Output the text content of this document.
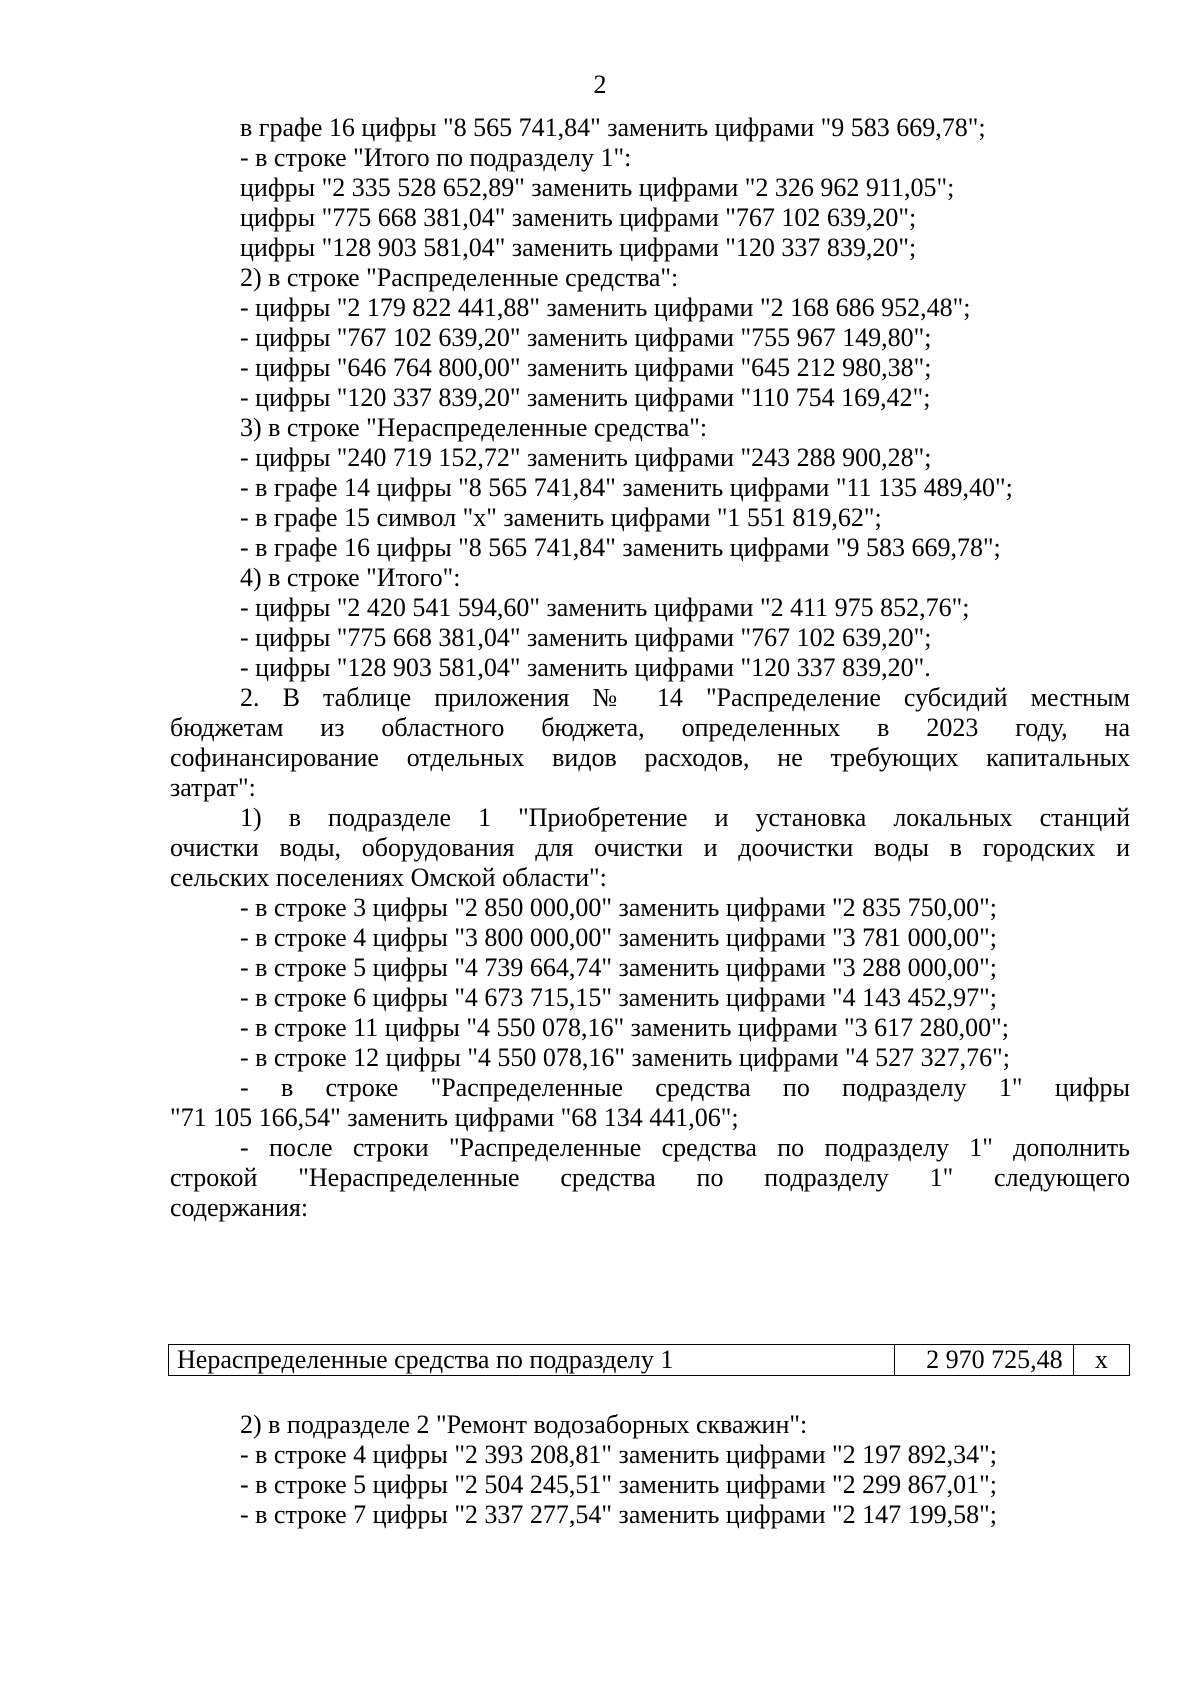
2
в графе 16 цифры "8 565 741,84" заменить цифрами "9 583 669,78";
- в строке "Итого по подразделу 1":
цифры "2 335 528 652,89" заменить цифрами "2 326 962 911,05";
цифры "775 668 381,04" заменить цифрами "767 102 639,20";
цифры "128 903 581,04" заменить цифрами "120 337 839,20";
2) в строке "Распределенные средства":
- цифры "2 179 822 441,88" заменить цифрами "2 168 686 952,48";
- цифры "767 102 639,20" заменить цифрами "755 967 149,80";
- цифры "646 764 800,00" заменить цифрами "645 212 980,38";
- цифры "120 337 839,20" заменить цифрами "110 754 169,42";
3) в строке "Нераспределенные средства":
- цифры "240 719 152,72" заменить цифрами "243 288 900,28";
- в графе 14 цифры "8 565 741,84" заменить цифрами "11 135 489,40";
- в графе 15 символ "х" заменить цифрами "1 551 819,62";
- в графе 16 цифры "8 565 741,84" заменить цифрами "9 583 669,78";
4) в строке "Итого":
- цифры "2 420 541 594,60" заменить цифрами "2 411 975 852,76";
- цифры "775 668 381,04" заменить цифрами "767 102 639,20";
- цифры "128 903 581,04" заменить цифрами "120 337 839,20".
2. В таблице приложения № 14 "Распределение субсидий местным
бюджетам из областного бюджета, определенных в 2023 году, на
софинансирование отдельных видов расходов, не требующих капитальных
затрат":
1) в подразделе 1 "Приобретение и установка локальных станций
очистки воды, оборудования для очистки и доочистки воды в городских и
сельских поселениях Омской области":
- в строке 3 цифры "2 850 000,00" заменить цифрами "2 835 750,00";
- в строке 4 цифры "3 800 000,00" заменить цифрами "3 781 000,00";
- в строке 5 цифры "4 739 664,74" заменить цифрами "3 288 000,00";
- в строке 6 цифры "4 673 715,15" заменить цифрами "4 143 452,97";
- в строке 11 цифры "4 550 078,16" заменить цифрами "3 617 280,00";
- в строке 12 цифры "4 550 078,16" заменить цифрами "4 527 327,76";
- в строке "Распределенные средства по подразделу 1" цифры
"71 105 166,54" заменить цифрами "68 134 441,06";
- после строки "Распределенные средства по подразделу 1" дополнить
строкой "Нераспределенные средства по подразделу 1" следующего
содержания:
Нераспределенные средства по подразделу 1	2 970 725,48	х
2) в подразделе 2 "Ремонт водозаборных скважин":
- в строке 4 цифры "2 393 208,81" заменить цифрами "2 197 892,34";
- в строке 5 цифры "2 504 245,51" заменить цифрами "2 299 867,01";
- в строке 7 цифры "2 337 277,54" заменить цифрами "2 147 199,58";
